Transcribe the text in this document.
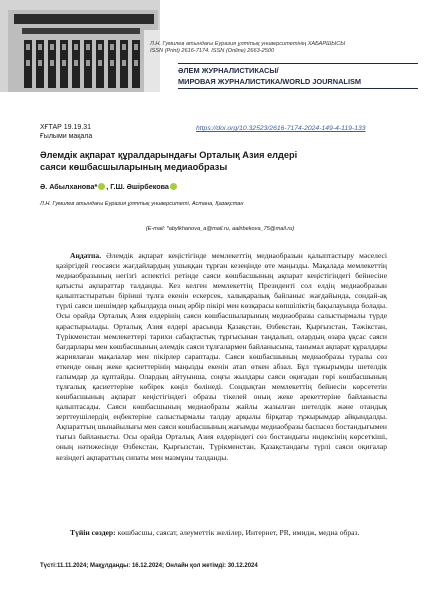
Л.Н. Гумилев атындағы Еуразия ұлттық университетінің ХАБАРШЫСЫ
ISSN (Print) 2616-7174. ISSN (Online) 2663-2500
ӘЛЕМ ЖУРНАЛИСТИКАСЫ/
МИРОВАЯ ЖУРНАЛИСТИКА/WORLD JOURNALISM
ХҒТАР 19.19.31
Ғылыми мақала
https://doi.org/10.32523/2616-7174-2024-149-4-119-133
Әлемдік ақпарат құралдарындағы Орталық Азия елдері
саяси көшбасшыларының медиаобразы
Ә. Абылханова* , Г.Ш. Әшірбекова
Л.Н. Гумилев атындағы Еуразия ұлттық университеті, Астана, Қазақстан
(E-mail: *abylkhanova_a@mail.ru, aalirbekova_75@mail.ru)

Аңдатпа. Әлемдік ақпарат кеңістігінде мемлекеттің медиаобразын қалыптастыру мәселесі қазіргідей геосаяси жағдайлардың ушыққан тұрған кезеңінде өте маңызды. Мақалада мемлекеттің медиаобразының негізгі аспектісі ретінде саяси көшбасшының ақпарат кеңістігіндегі бейнесіне қатысты ақпараттар талданды. Кез келген мемлекеттің Президенті сол елдің медиаобразын қалыптастыратын бірінші тұлға екенін ескерсек, халықаралық байланыс жағдайында, сондай-ақ түрлі саяси шешімдер қабылдауда оның әрбір пікірі мен көзқарасы көпшіліктің бақылауында болады. Осы орайда Орталық Азия елдерінің саяси көшбасшыларының медиаобразы салыстырмалы түрде қарастырылады. Орталық Азия елдері арасында Қазақстан, Өзбекстан, Қырғызстан, Тәжікстан, Түрікменстан мемлекеттері тарихи сабақтастық тұрғысынан таңдалып, олардың өзара ұқсас саяси бағдарлары мен көшбасшының әлемдік саяси тұлғалармен байланысына, танымал ақпарат құралдары жариялаған мақалалар мен пікірлер сараптады. Саяси көшбасшының медиаобразы туралы сөз еткенде оның жеке қасиеттерінің маңызды екенін атап өткен абзал. Бұл тұжырымды шетелдік ғалымдар да құптайды. Олардың айтуынша, соңғы жылдары саяси оқиғадан гөрі көшбасшының тұлғалық қасиеттеріне көбірек көңіл бөлінеді. Сондықтан мемлекеттің бейнесін көрсететін көшбасшының ақпарат кеңістігіндегі образы тікелей оның жеке әрекеттеріне байланысты қалыптасады. Саяси көшбасшының медиаобразы жайлы жазылған шетелдік және отандық зерттеушілердің еңбектеріне салыстырмалы талдау арқылы бірқатар тұжырымдар айқындалды. Ақпараттың шынайылығы мен саяси көшбасшының жағымды медиаобразы баспасөз бостандығымен тығыз байланысты. Осы орайда Орталық Азия елдеріндегі сөз бостандығы индексінің көрсеткіші, оның нәтижесінде Өзбекстан, Қырғызстан, Түрікменстан, Қазақстандағы түрлі саяси оқиғалар кезіндегі ақпараттың сипаты мен мазмұны талданды.

Түйін сөздер: көшбасшы, саясат, әлеуметтік желілер, Интернет, PR, имидж, медиа образ.

Түсті:11.11.2024; Мақұлданды: 16.12.2024; Онлайн қол жетімді: 30.12.2024
